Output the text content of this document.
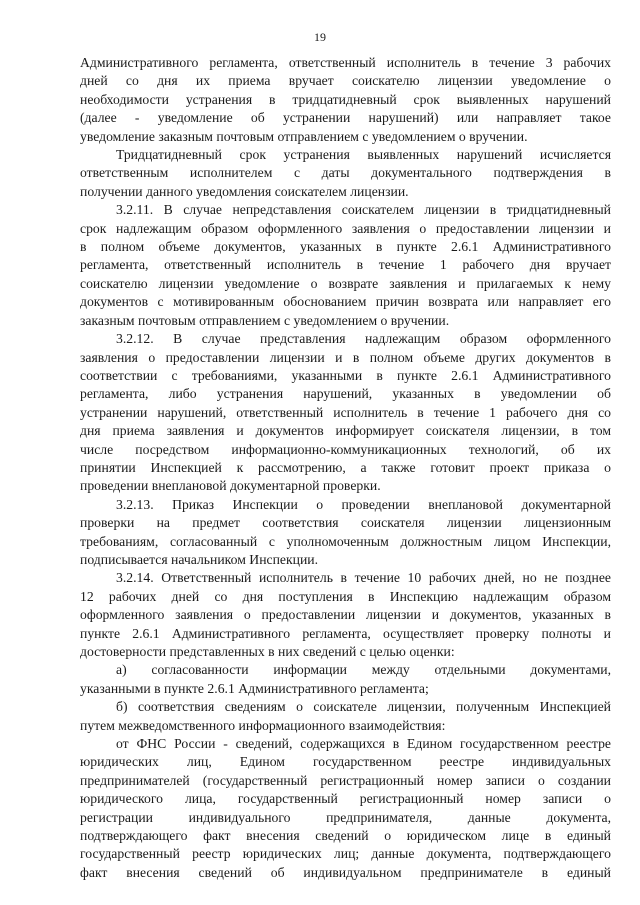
19
Административного регламента, ответственный исполнитель в течение 3 рабочих
дней со дня их приема вручает соискателю лицензии уведомление о
необходимости устранения в тридцатидневный срок выявленных нарушений
(далее - уведомление об устранении нарушений) или направляет такое
уведомление заказным почтовым отправлением с уведомлением о вручении.
Тридцатидневный срок устранения выявленных нарушений исчисляется
ответственным исполнителем с даты документального подтверждения в
получении данного уведомления соискателем лицензии.
3.2.11. В случае непредставления соискателем лицензии в тридцатидневный
срок надлежащим образом оформленного заявления о предоставлении лицензии и
в полном объеме документов, указанных в пункте 2.6.1 Административного
регламента, ответственный исполнитель в течение 1 рабочего дня вручает
соискателю лицензии уведомление о возврате заявления и прилагаемых к нему
документов с мотивированным обоснованием причин возврата или направляет его
заказным почтовым отправлением с уведомлением о вручении.
3.2.12. В случае представления надлежащим образом оформленного
заявления о предоставлении лицензии и в полном объеме других документов в
соответствии с требованиями, указанными в пункте 2.6.1 Административного
регламента, либо устранения нарушений, указанных в уведомлении об
устранении нарушений, ответственный исполнитель в течение 1 рабочего дня со
дня приема заявления и документов информирует соискателя лицензии, в том
числе посредством информационно-коммуникационных технологий, об их
принятии Инспекцией к рассмотрению, а также готовит проект приказа о
проведении внеплановой документарной проверки.
3.2.13. Приказ Инспекции о проведении внеплановой документарной
проверки на предмет соответствия соискателя лицензии лицензионным
требованиям, согласованный с уполномоченным должностным лицом Инспекции,
подписывается начальником Инспекции.
3.2.14. Ответственный исполнитель в течение 10 рабочих дней, но не позднее
12 рабочих дней со дня поступления в Инспекцию надлежащим образом
оформленного заявления о предоставлении лицензии и документов, указанных в
пункте 2.6.1 Административного регламента, осуществляет проверку полноты и
достоверности представленных в них сведений с целью оценки:
а) согласованности информации между отдельными документами,
указанными в пункте 2.6.1 Административного регламента;
б) соответствия сведениям о соискателе лицензии, полученным Инспекцией
путем межведомственного информационного взаимодействия:
от ФНС России - сведений, содержащихся в Едином государственном реестре
юридических лиц, Едином государственном реестре индивидуальных
предпринимателей (государственный регистрационный номер записи о создании
юридического лица, государственный регистрационный номер записи о
регистрации индивидуального предпринимателя, данные документа,
подтверждающего факт внесения сведений о юридическом лице в единый
государственный реестр юридических лиц; данные документа, подтверждающего
факт внесения сведений об индивидуальном предпринимателе в единый
